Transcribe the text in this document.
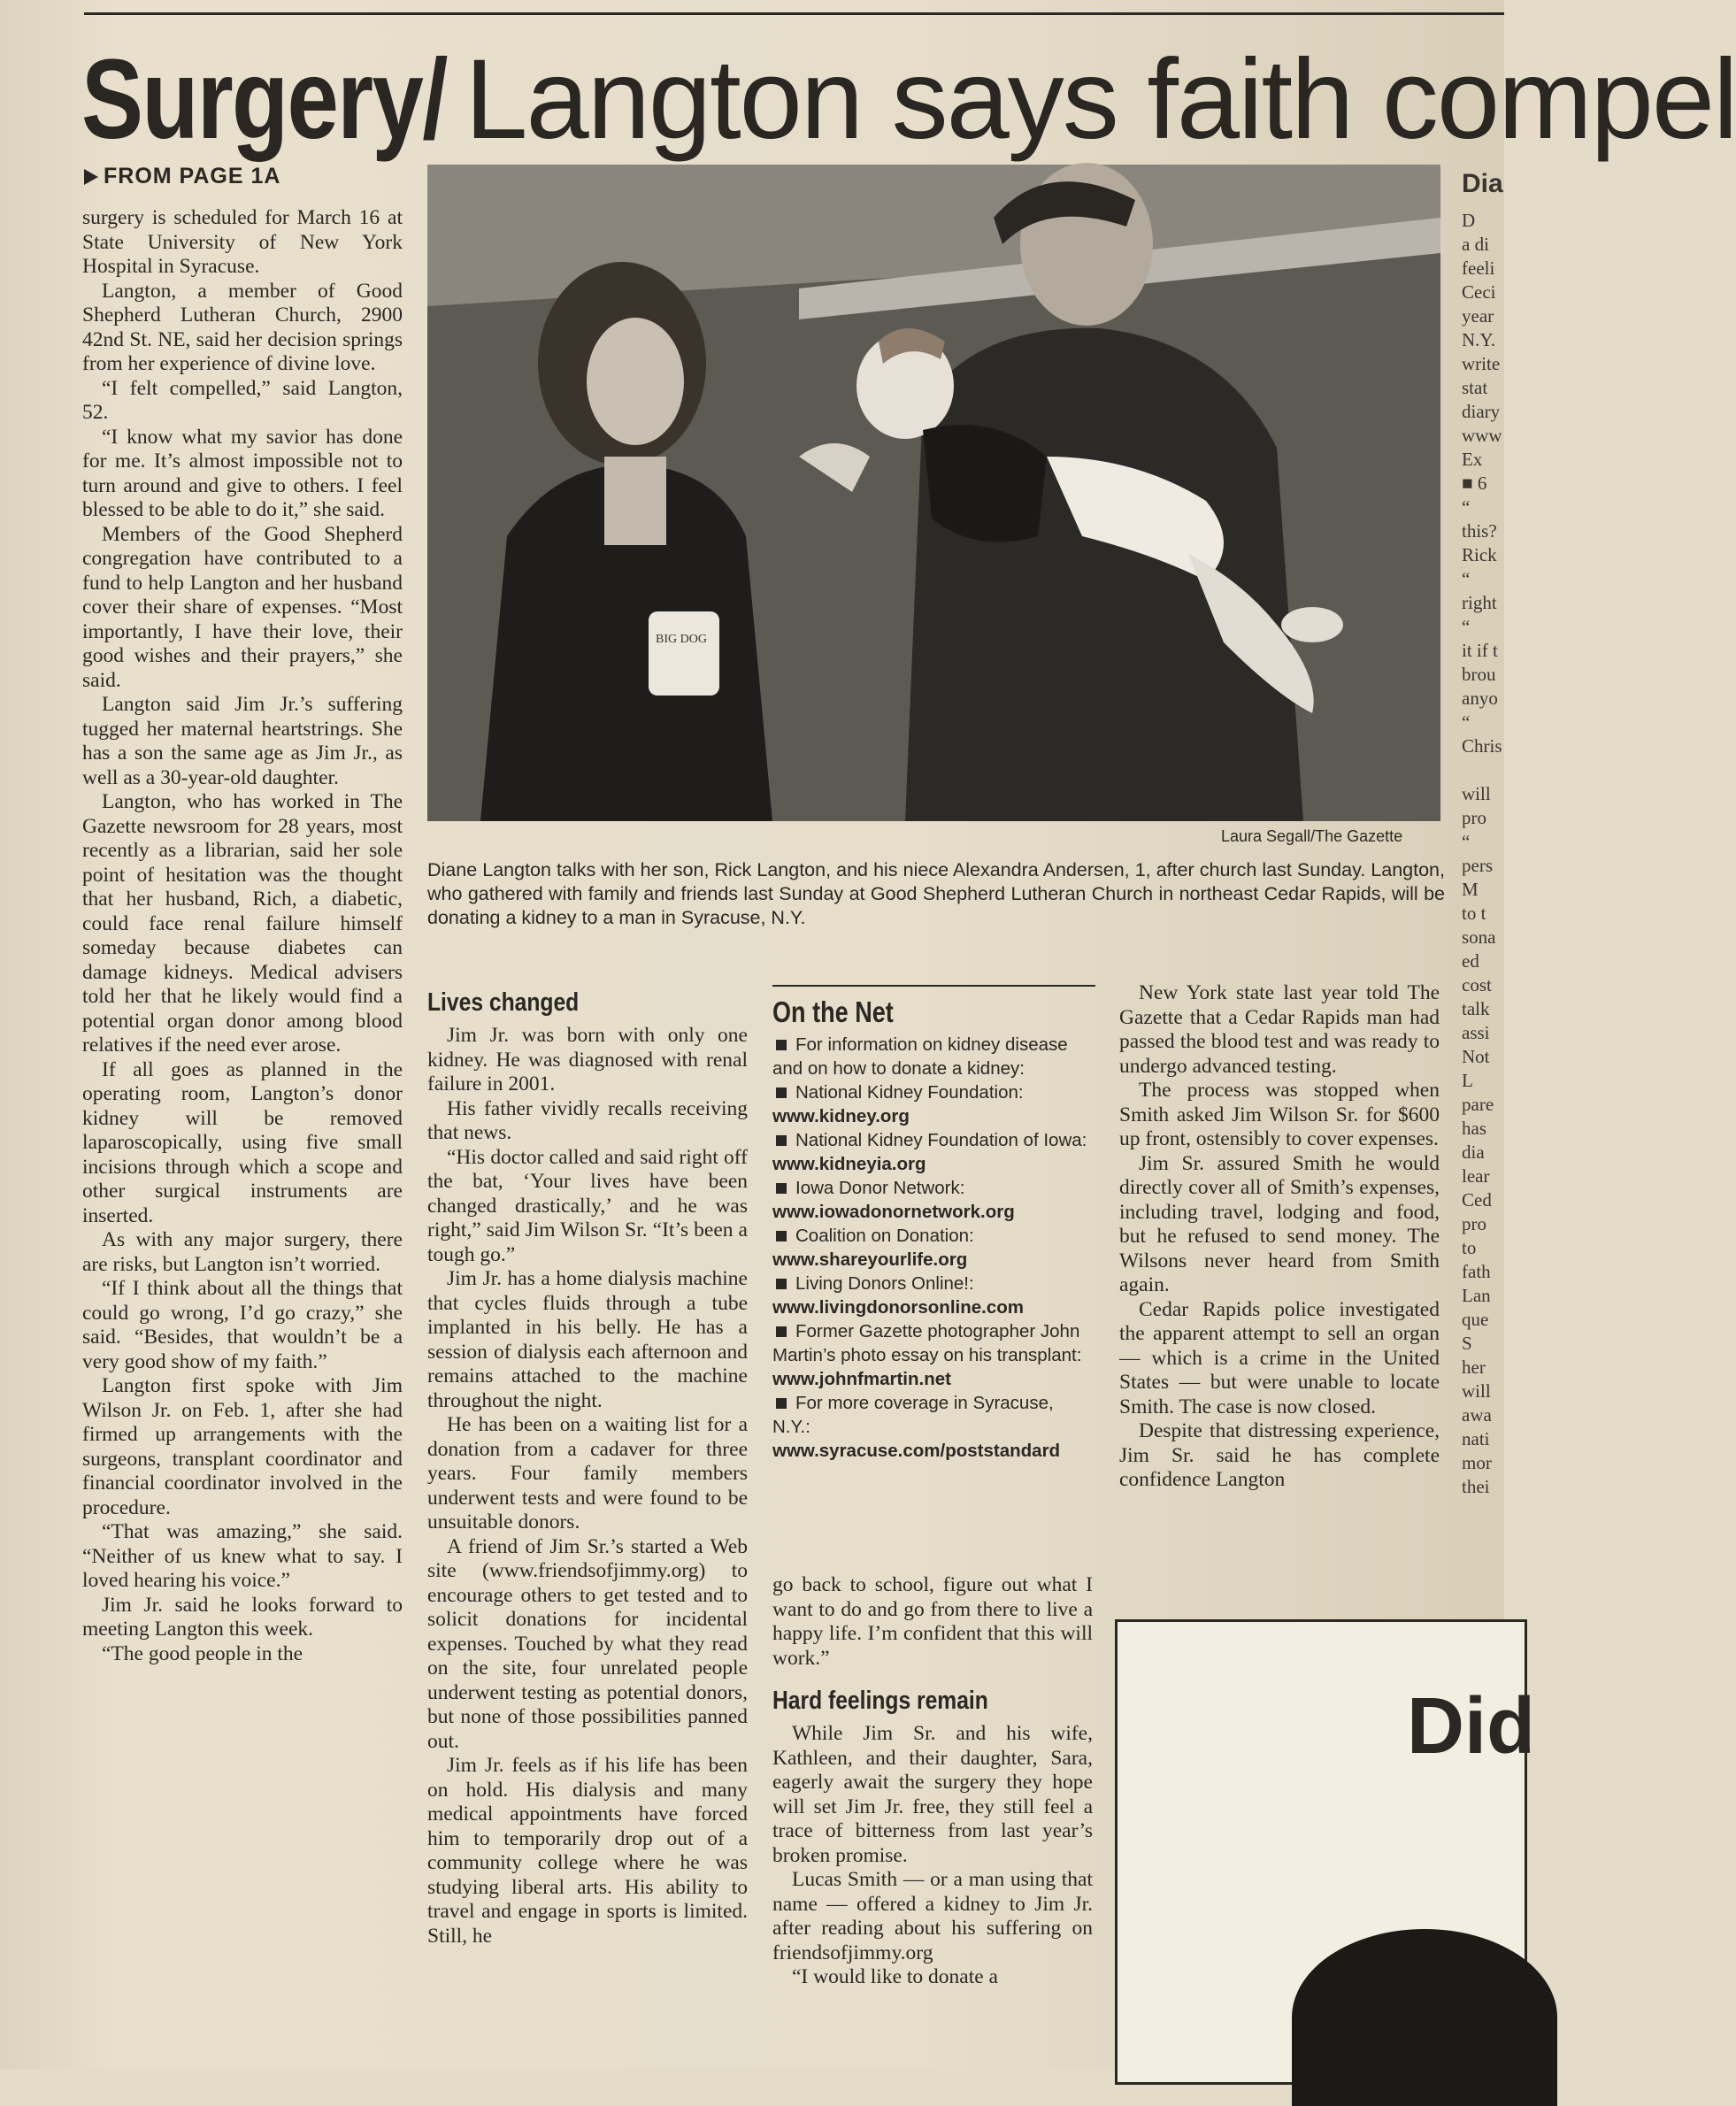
Surgery/ Langton says faith compel
FROM PAGE 1A

surgery is scheduled for March 16 at State University of New York Hospital in Syracuse.

Langton, a member of Good Shepherd Lutheran Church, 2900 42nd St. NE, said her decision springs from her experience of divine love.

“I felt compelled,” said Langton, 52.

“I know what my savior has done for me. It’s almost impossible not to turn around and give to others. I feel blessed to be able to do it,” she said.

Members of the Good Shepherd congregation have contributed to a fund to help Langton and her husband cover their share of expenses. “Most importantly, I have their love, their good wishes and their prayers,” she said.

Langton said Jim Jr.’s suffering tugged her maternal heartstrings. She has a son the same age as Jim Jr., as well as a 30-year-old daughter.

Langton, who has worked in The Gazette newsroom for 28 years, most recently as a librarian, said her sole point of hesitation was the thought that her husband, Rich, a diabetic, could face renal failure himself someday because diabetes can damage kidneys. Medical advisers told her that he likely would find a potential organ donor among blood relatives if the need ever arose.

If all goes as planned in the operating room, Langton’s donor kidney will be removed laparoscopically, using five small incisions through which a scope and other surgical instruments are inserted.

As with any major surgery, there are risks, but Langton isn’t worried.

“If I think about all the things that could go wrong, I’d go crazy,” she said. “Besides, that wouldn’t be a very good show of my faith.”

Langton first spoke with Jim Wilson Jr. on Feb. 1, after she had firmed up arrangements with the surgeons, transplant coordinator and financial coordinator involved in the procedure.

“That was amazing,” she said. “Neither of us knew what to say. I loved hearing his voice.”

Jim Jr. said he looks forward to meeting Langton this week.

“The good people in the

BIG DOG
Laura Segall/The Gazette
Diane Langton talks with her son, Rick Langton, and his niece Alexandra Andersen, 1, after church last Sunday. Langton, who gathered with family and friends last Sunday at Good Shepherd Lutheran Church in northeast Cedar Rapids, will be donating a kidney to a man in Syracuse, N.Y.
Lives changed

Jim Jr. was born with only one kidney. He was diagnosed with renal failure in 2001.

His father vividly recalls receiving that news.

“His doctor called and said right off the bat, ‘Your lives have been changed drastically,’ and he was right,” said Jim Wilson Sr. “It’s been a tough go.”

Jim Jr. has a home dialysis machine that cycles fluids through a tube implanted in his belly. He has a session of dialysis each afternoon and remains attached to the machine throughout the night.

He has been on a waiting list for a donation from a cadaver for three years. Four family members underwent tests and were found to be unsuitable donors.

A friend of Jim Sr.’s started a Web site (www.friendsofjimmy.org) to encourage others to get tested and to solicit donations for incidental expenses. Touched by what they read on the site, four unrelated people underwent testing as potential donors, but none of those possibilities panned out.

Jim Jr. feels as if his life has been on hold. His dialysis and many medical appointments have forced him to temporarily drop out of a community college where he was studying liberal arts. His ability to travel and engage in sports is limited. Still, he

On the Net
For information on kidney disease and on how to donate a kidney:
National Kidney Foundation:
www.kidney.org
National Kidney Foundation of Iowa:
www.kidneyia.org
Iowa Donor Network:
www.iowadonornetwork.org
Coalition on Donation:
www.shareyourlife.org
Living Donors Online!:
www.livingdonorsonline.com
Former Gazette photographer John Martin’s photo essay on his transplant:
www.johnfmartin.net
For more coverage in Syracuse, N.Y.:
www.syracuse.com/poststandard

go back to school, figure out what I want to do and go from there to live a happy life. I’m confident that this will work.”

Hard feelings remain

While Jim Sr. and his wife, Kathleen, and their daughter, Sara, eagerly await the surgery they hope will set Jim Jr. free, they still feel a trace of bitterness from last year’s broken promise.

Lucas Smith — or a man using that name — offered a kidney to Jim Jr. after reading about his suffering on friendsofjimmy.org

“I would like to donate a

New York state last year told The Gazette that a Cedar Rapids man had passed the blood test and was ready to undergo advanced testing.

The process was stopped when Smith asked Jim Wilson Sr. for $600 up front, ostensibly to cover expenses.

Jim Sr. assured Smith he would directly cover all of Smith’s expenses, including travel, lodging and food, but he refused to send money. The Wilsons never heard from Smith again.

Cedar Rapids police investigated the apparent attempt to sell an organ — which is a crime in the United States — but were unable to locate Smith. The case is now closed.

Despite that distressing experience, Jim Sr. said he has complete confidence Langton

Dia
D
a di
feeli
Ceci
year
N.Y.
write
stat
diary
www
Ex
■ 6
“
this?
Rick
“
right
“
it if t
brou
anyo
“
Chris
will
pro
“
pers
M
to t
sona
ed
cost
talk
assi
Not
L
pare
has
dia
lear
Ced
pro
to
fath
Lan
que
S
her
will
awa
nati
mor
thei
Did
